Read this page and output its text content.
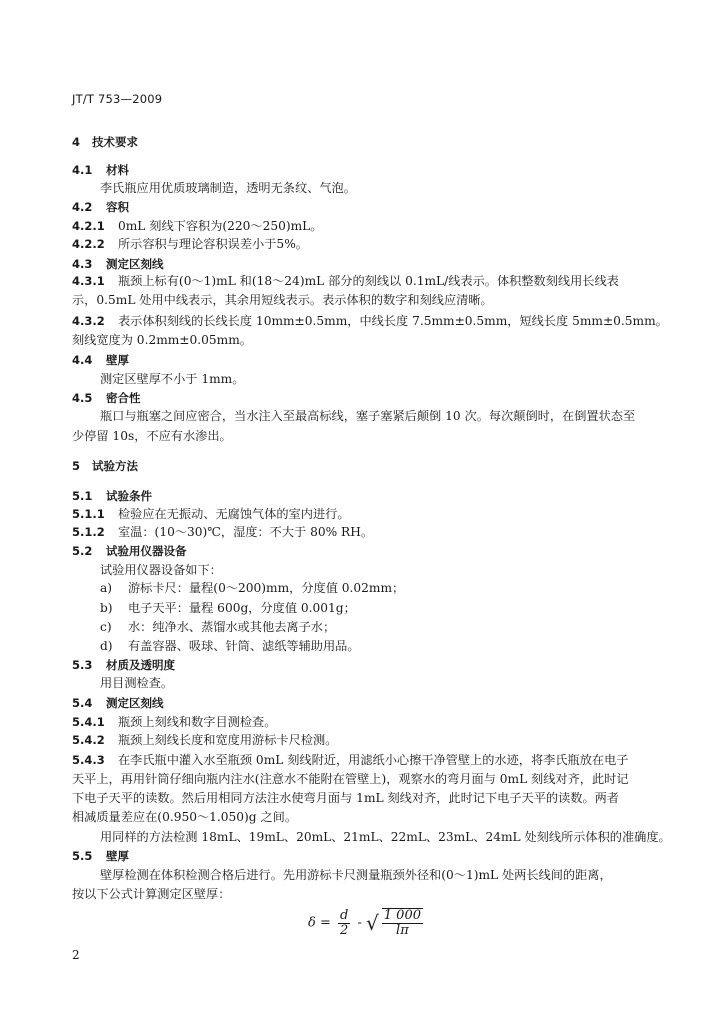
JT/T 753—2009
4 技术要求
4.1 材料
李氏瓶应用优质玻璃制造，透明无条纹、气泡。
4.2 容积
4.2.1 0mL 刻线下容积为(220～250)mL。
4.2.2 所示容积与理论容积误差小于5%。
4.3 测定区刻线
4.3.1 瓶颈上标有(0～1)mL 和(18～24)mL 部分的刻线以 0.1mL/线表示。体积整数刻线用长线表
示，0.5mL 处用中线表示，其余用短线表示。表示体积的数字和刻线应清晰。
4.3.2 表示体积刻线的长线长度 10mm±0.5mm，中线长度 7.5mm±0.5mm，短线长度 5mm±0.5mm。
刻线宽度为 0.2mm±0.05mm。
4.4 壁厚
测定区壁厚不小于 1mm。
4.5 密合性
瓶口与瓶塞之间应密合，当水注入至最高标线，塞子塞紧后颠倒 10 次。每次颠倒时，在倒置状态至
少停留 10s，不应有水渗出。
5 试验方法
5.1 试验条件
5.1.1 检验应在无振动、无腐蚀气体的室内进行。
5.1.2 室温：(10～30)℃，湿度：不大于 80% RH。
5.2 试验用仪器设备
试验用仪器设备如下：
a) 游标卡尺：量程(0～200)mm，分度值 0.02mm；
b) 电子天平：量程 600g，分度值 0.001g；
c) 水：纯净水、蒸馏水或其他去离子水；
d) 有盖容器、吸球、针筒、滤纸等辅助用品。
5.3 材质及透明度
用目测检查。
5.4 测定区刻线
5.4.1 瓶颈上刻线和数字目测检查。
5.4.2 瓶颈上刻线长度和宽度用游标卡尺检测。
5.4.3 在李氏瓶中灌入水至瓶颈 0mL 刻线附近，用滤纸小心擦干净管壁上的水迹，将李氏瓶放在电子
天平上，再用针筒仔细向瓶内注水(注意水不能附在管壁上)，观察水的弯月面与 0mL 刻线对齐，此时记
下电子天平的读数。然后用相同方法注水使弯月面与 1mL 刻线对齐，此时记下电子天平的读数。两者
相减质量差应在(0.950～1.050)g 之间。
用同样的方法检测 18mL、19mL、20mL、21mL、22mL、23mL、24mL 处刻线所示体积的准确度。
5.5 壁厚
壁厚检测在体积检测合格后进行。先用游标卡尺测量瓶颈外径和(0～1)mL 处两长线间的距离，
按以下公式计算测定区壁厚：
$\delta = \frac{d}{2}$ - √ $\frac{1 000}{l\pi}$
2
